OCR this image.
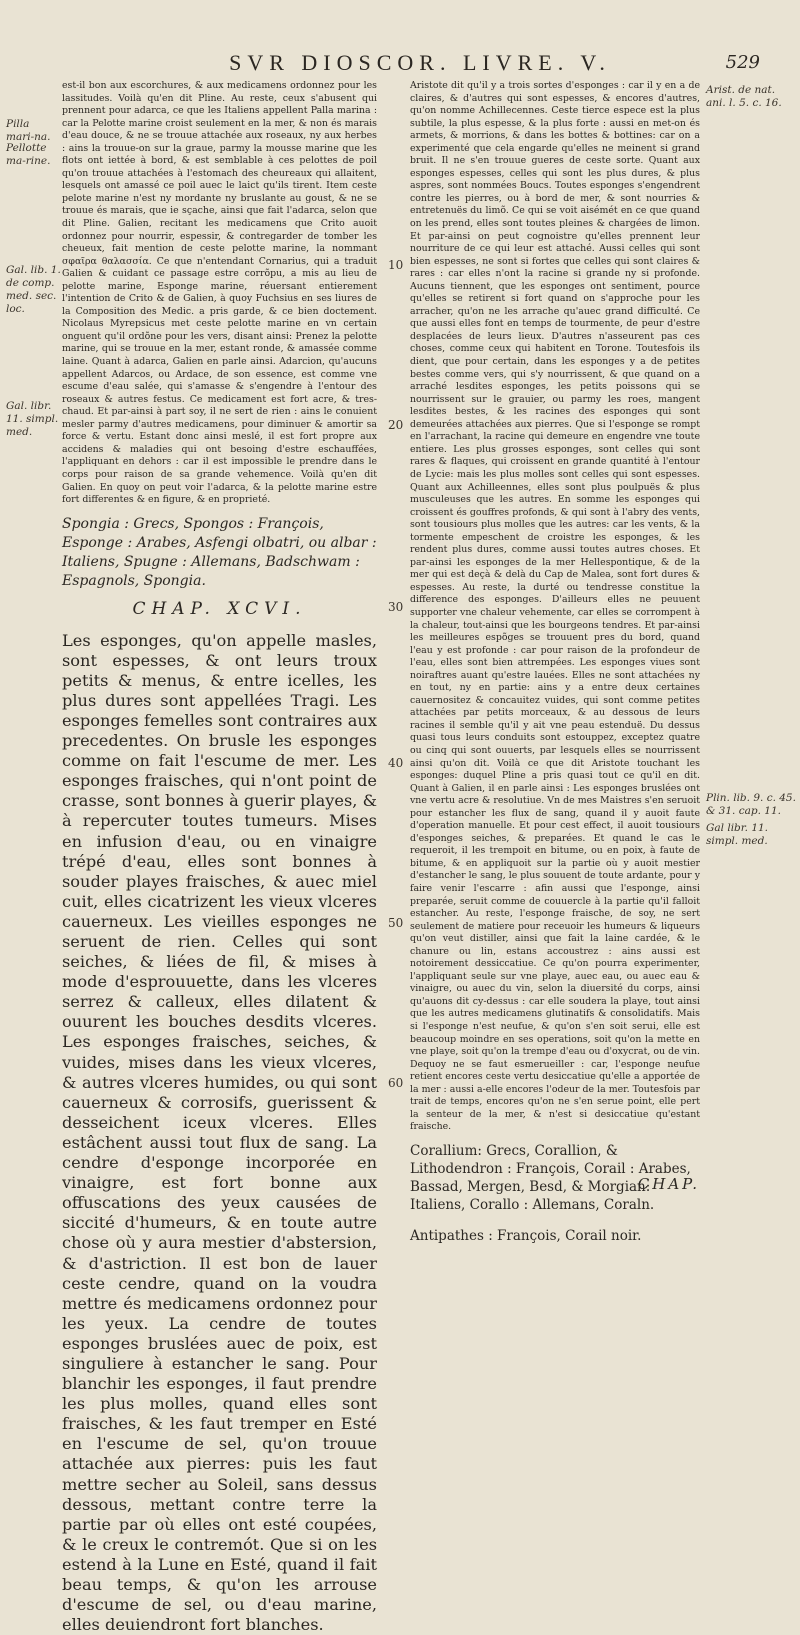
SVR DIOSCOR. LIVRE. V.	529
Pilla mari-na.
Pellotte ma-rine.
Gal. lib. 1. de comp. med. sec. loc.
Gal. libr. 11. simpl. med.
10
20
30
40
50
60
Arist. de nat. ani. l. 5. c. 16.
Plin. lib. 9. c. 45. & 31. cap. 11.
Gal libr. 11. simpl. med.

est-il bon aux escorchures, & aux medicamens ordonnez pour les lassitudes. Voilà qu'en dit Pline. Au reste, ceux s'abusent qui prennent pour adarca, ce que les Italiens appellent Palla marina : car la Pelotte marine croist seulement en la mer, & non és marais d'eau douce, & ne se trouue attachée aux roseaux, ny aux herbes : ains la trouue-on sur la graue, parmy la mousse marine que les flots ont iettée à bord, & est semblable à ces pelottes de poil qu'on trouue attachées à l'estomach des cheureaux qui allaitent, lesquels ont amassé ce poil auec le laict qu'ils tirent. Item ceste pelote marine n'est ny mordante ny bruslante au goust, & ne se trouue és marais, que ie sçache, ainsi que fait l'adarca, selon que dit Pline. Galien, recitant les medicamens que Crito auoit ordonnez pour nourrir, espessir, & contregarder de tomber les cheueux, fait mention de ceste pelotte marine, la nommant σφαῖρα θαλασσία. Ce que n'entendant Cornarius, qui a traduit Galien & cuidant ce passage estre corrõpu, a mis au lieu de pelotte marine, Esponge marine, réuersant entierement l'intention de Crito & de Galien, à quoy Fuchsius en ses liures de la Composition des Medic. a pris garde, & ce bien doctement. Nicolaus Myrepsicus met ceste pelotte marine en vn certain onguent qu'il ordõne pour les vers, disant ainsi: Prenez la pelotte marine, qui se trouue en la mer, estant ronde, & amassée comme laine. Quant à adarca, Galien en parle ainsi. Adarcion, qu'aucuns appellent Adarcos, ou Ardace, de son essence, est comme vne escume d'eau salée, qui s'amasse & s'engendre à l'entour des roseaux & autres festus. Ce medicament est fort acre, & tres-chaud. Et par-ainsi à part soy, il ne sert de rien : ains le conuient mesler parmy d'autres medicamens, pour diminuer & amortir sa force & vertu. Estant donc ainsi meslé, il est fort propre aux accidens & maladies qui ont besoing d'estre eschauffées, l'appliquant en dehors : car il est impossible le prendre dans le corps pour raison de sa grande vehemence. Voilà qu'en dit Galien. En quoy on peut voir l'adarca, & la pelotte marine estre fort differentes & en figure, & en proprieté.

Spongia : Grecs, Spongos : François, Esponge : Arabes, Asfengi olbatri, ou albar : Italiens, Spugne : Allemans, Badschwam : Espagnols, Spongia.

CHAP. XCVI.

Les esponges, qu'on appelle masles, sont espesses, & ont leurs troux petits & menus, & entre icelles, les plus dures sont appellées Tragi. Les esponges femelles sont contraires aux precedentes. On brusle les esponges comme on fait l'escume de mer. Les esponges fraisches, qui n'ont point de crasse, sont bonnes à guerir playes, & à repercuter toutes tumeurs. Mises en infusion d'eau, ou en vinaigre trépé d'eau, elles sont bonnes à souder playes fraisches, & auec miel cuit, elles cicatrizent les vieux vlceres cauerneux. Les vieilles esponges ne seruent de rien. Celles qui sont seiches, & liées de fil, & mises à mode d'esprouuette, dans les vlceres serrez & calleux, elles dilatent & ouurent les bouches desdits vlceres. Les esponges fraisches, seiches, & vuides, mises dans les vieux vlceres, & autres vlceres humides, ou qui sont cauerneux & corrosifs, guerissent & desseichent iceux vlceres. Elles estâchent aussi tout flux de sang. La cendre d'esponge incorporée en vinaigre, est fort bonne aux offuscations des yeux causées de siccité d'humeurs, & en toute autre chose où y aura mestier d'abstersion, & d'astriction. Il est bon de lauer ceste cendre, quand on la voudra mettre és medicamens ordonnez pour les yeux. La cendre de toutes esponges bruslées auec de poix, est singuliere à estancher le sang. Pour blanchir les esponges, il faut prendre les plus molles, quand elles sont fraisches, & les faut tremper en Esté en l'escume de sel, qu'on trouue attachée aux pierres: puis les faut mettre secher au Soleil, sans dessus dessous, mettant contre terre la partie par où elles ont esté coupées, & le creux le contremót. Que si on les estend à la Lune en Esté, quand il fait beau temps, & qu'on les arrouse d'escume de sel, ou d'eau marine, elles deuiendront fort blanches.

Aristote dit qu'il y a trois sortes d'esponges : car il y en a de claires, & d'autres qui sont espesses, & encores d'autres, qu'on nomme Achillecennes. Ceste tierce espece est la plus subtile, la plus espesse, & la plus forte : aussi en met-on és armets, & morrions, & dans les bottes & bottines: car on a experimenté que cela engarde qu'elles ne meinent si grand bruit. Il ne s'en trouue gueres de ceste sorte. Quant aux esponges espesses, celles qui sont les plus dures, & plus aspres, sont nommées Boucs. Toutes esponges s'engendrent contre les pierres, ou à bord de mer, & sont nourries & entretenuës du limõ. Ce qui se voit aisémét en ce que quand on les prend, elles sont toutes pleines & chargées de limon. Et par-ainsi on peut cognoistre qu'elles prennent leur nourriture de ce qui leur est attaché. Aussi celles qui sont bien espesses, ne sont si fortes que celles qui sont claires & rares : car elles n'ont la racine si grande ny si profonde. Aucuns tiennent, que les esponges ont sentiment, pource qu'elles se retirent si fort quand on s'approche pour les arracher, qu'on ne les arrache qu'auec grand difficulté. Ce que aussi elles font en temps de tourmente, de peur d'estre desplacées de leurs lieux. D'autres n'asseurent pas ces choses, comme ceux qui habitent en Torone. Toutesfois ils dient, que pour certain, dans les esponges y a de petites bestes comme vers, qui s'y nourrissent, & que quand on a arraché lesdites esponges, les petits poissons qui se nourrissent sur le grauier, ou parmy les roes, mangent lesdites bestes, & les racines des esponges qui sont demeurées attachées aux pierres. Que si l'esponge se rompt en l'arrachant, la racine qui demeure en engendre vne toute entiere. Les plus grosses esponges, sont celles qui sont rares & flaques, qui croissent en grande quantité à l'entour de Lycie: mais les plus molles sont celles qui sont espesses. Quant aux Achilleennes, elles sont plus poulpuës & plus musculeuses que les autres. En somme les esponges qui croissent és gouffres profonds, & qui sont à l'abry des vents, sont tousiours plus molles que les autres: car les vents, & la tormente empeschent de croistre les esponges, & les rendent plus dures, comme aussi toutes autres choses. Et par-ainsi les esponges de la mer Hellespontique, & de la mer qui est deçà & delà du Cap de Malea, sont fort dures & espesses. Au reste, la durté ou tendresse constitue la difference des esponges. D'ailleurs elles ne peuuent supporter vne chaleur vehemente, car elles se corrompent à la chaleur, tout-ainsi que les bourgeons tendres. Et par-ainsi les meilleures espõges se trouuent pres du bord, quand l'eau y est profonde : car pour raison de la profondeur de l'eau, elles sont bien attrempées. Les esponges viues sont noiraftres auant qu'estre lauées. Elles ne sont attachées ny en tout, ny en partie: ains y a entre deux certaines cauernositez & concauitez vuides, qui sont comme petites attachées par petits morceaux, & au dessous de leurs racines il semble qu'il y ait vne peau estenduë. Du dessus quasi tous leurs conduits sont estouppez, exceptez quatre ou cinq qui sont ouuerts, par lesquels elles se nourrissent ainsi qu'on dit. Voilà ce que dit Aristote touchant les esponges: duquel Pline a pris quasi tout ce qu'il en dit. Quant à Galien, il en parle ainsi : Les esponges bruslées ont vne vertu acre & resolutiue. Vn de mes Maistres s'en seruoit pour estancher les flux de sang, quand il y auoit faute d'operation manuelle. Et pour cest effect, il auoit tousiours d'esponges seiches, & preparées. Et quand le cas le requeroit, il les trempoit en bitume, ou en poix, à faute de bitume, & en appliquoit sur la partie où y auoit mestier d'estancher le sang, le plus souuent de toute ardante, pour y faire venir l'escarre : afin aussi que l'esponge, ainsi preparée, seruit comme de couuercle à la partie qu'il falloit estancher. Au reste, l'esponge fraische, de soy, ne sert seulement de matiere pour receuoir les humeurs & liqueurs qu'on veut distiller, ainsi que fait la laine cardée, & le chanure ou lin, estans accoustrez : ains aussi est notoirement dessiccatiue. Ce qu'on pourra experimenter, l'appliquant seule sur vne playe, auec eau, ou auec eau & vinaigre, ou auec du vin, selon la diuersité du corps, ainsi qu'auons dit cy-dessus : car elle soudera la playe, tout ainsi que les autres medicamens glutinatifs & consolidatifs. Mais si l'esponge n'est neufue, & qu'on s'en soit serui, elle est beaucoup moindre en ses operations, soit qu'on la mette en vne playe, soit qu'on la trempe d'eau ou d'oxycrat, ou de vin. Dequoy ne se faut esmerueiller : car, l'esponge neufue retient encores ceste vertu desiccatiue qu'elle a apportée de la mer : aussi a-elle encores l'odeur de la mer. Toutesfois par trait de temps, encores qu'on ne s'en serue point, elle pert la senteur de la mer, & n'est si desiccatiue qu'estant fraische.

Corallium: Grecs, Corallion, & Lithodendron : François, Corail : Arabes, Bassad, Mergen, Besd, & Morgian: Italiens, Corallo : Allemans, Coraln.

Antipathes : François, Corail noir.

CHAP.
